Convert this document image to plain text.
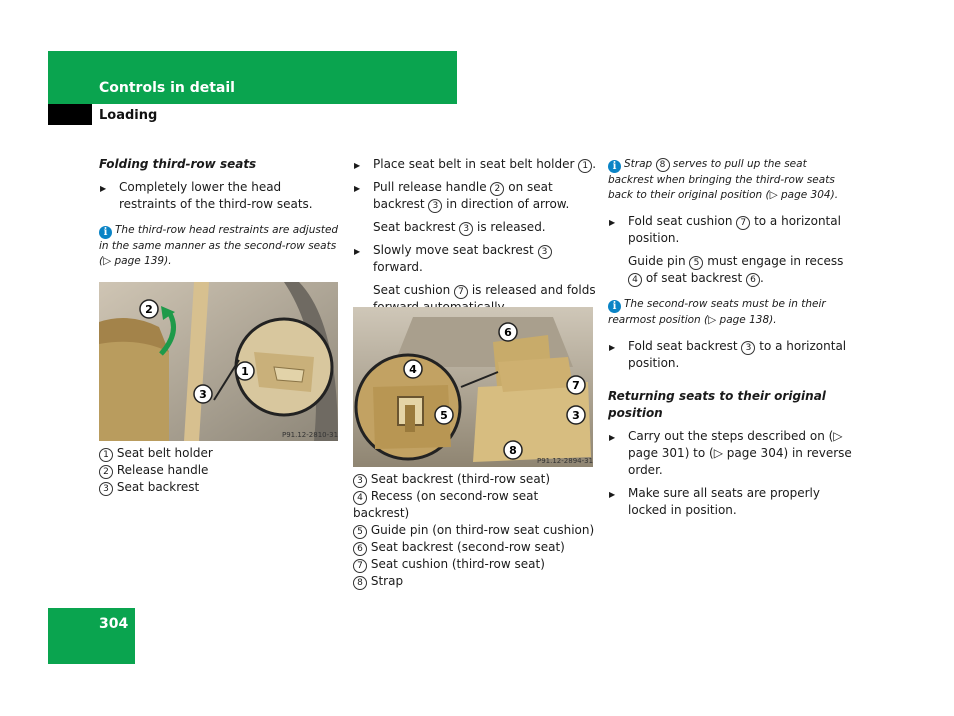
Controls in detail
Loading
Folding third-row seats
▶ Completely lower the head restraints of the third-row seats.
i The third-row head restraints are adjusted in the same manner as the second-row seats (▷ page 139).
2
1
3
P91.12-2810-31
1 Seat belt holder
2 Release handle
3 Seat backrest
▶ Place seat belt in seat belt holder 1 .
▶ Pull release handle 2 on seat backrest 3 in direction of arrow.
Seat backrest 3 is released.
▶ Slowly move seat backrest 3 forward.
Seat cushion 7 is released and folds
6
7
3
4
5
8
P91.12-2894-31
3 Seat backrest (third-row seat)
4 Recess (on second-row seat backrest)
5 Guide pin (on third-row seat cushion)
6 Seat backrest (second-row seat)
7 Seat cushion (third-row seat)
8 Strap
i Strap 8 serves to pull up the seat backrest when bringing the third-row seats back to their original position (▷ page 304).
▶ Fold seat cushion 7 to a horizontal position.
Guide pin 5 must engage in recess 4 of seat backrest 6 .
i The second-row seats must be in their rearmost position (▷ page 138).
▶ Fold seat backrest 3 to a horizontal position.
Returning seats to their original position
▶ Carry out the steps described on (▷ page 301) to (▷ page 304) in reverse order.
▶ Make sure all seats are properly locked in position.
304
